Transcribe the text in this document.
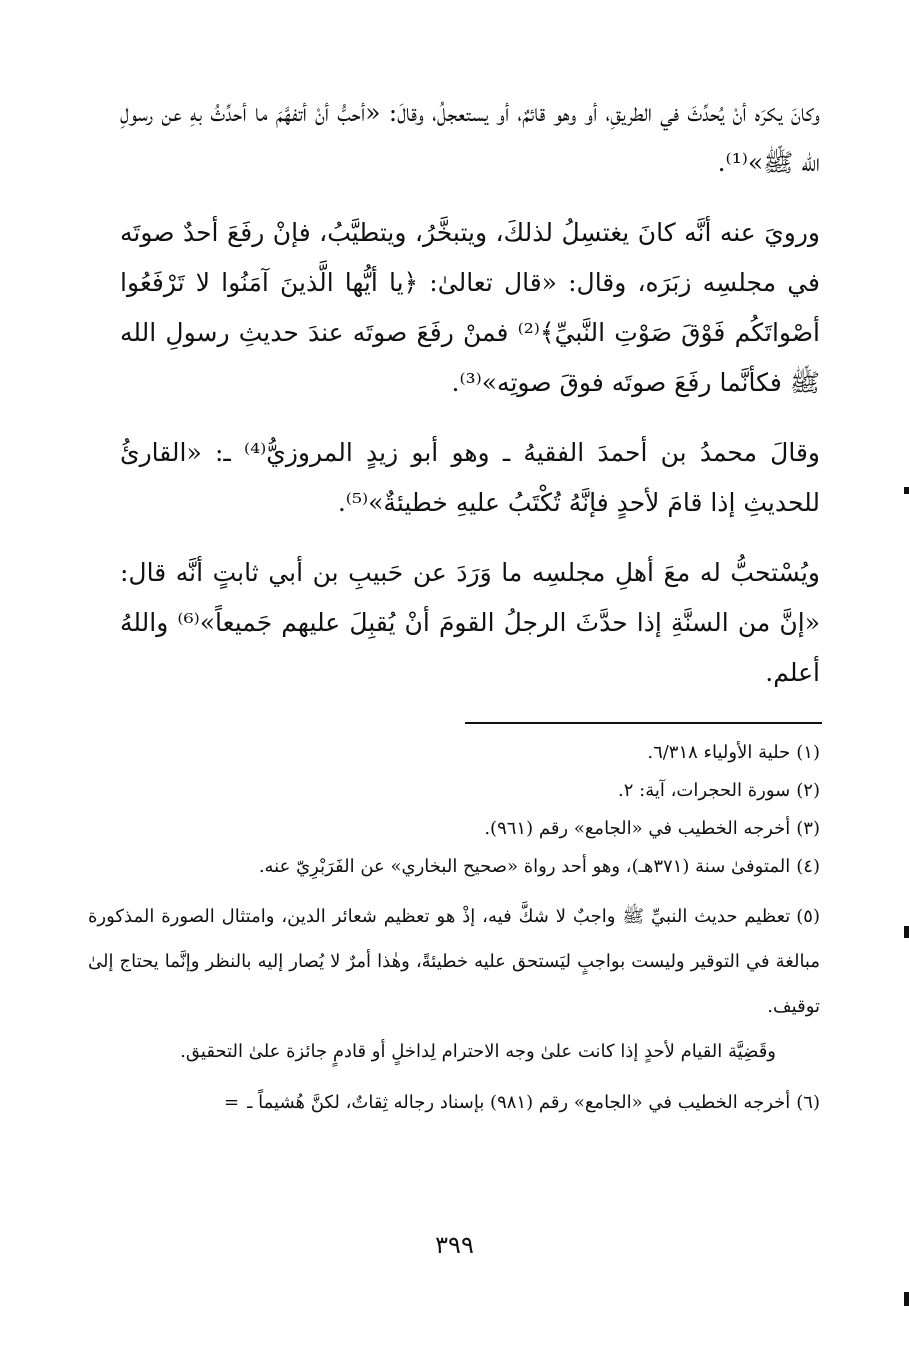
وكانَ يكرَه أنْ يُحدِّثَ في الطريقِ، أو وهو قائمٌ، أو يستعجلُ، وقالَ: «أحبُّ أنْ أتفهَّمَ ما أحدِّثُ بهِ عن رسولِ الله ﷺ»⁽¹⁾.

ورويَ عنه أنَّه كانَ يغتسِلُ لذلكَ، ويتبخَّرُ، ويتطيَّبُ، فإنْ رفَعَ أحدٌ صوتَه في مجلسِه زبَرَه، وقال: «قال تعالىٰ: ﴿يا أيُّها الَّذينَ آمَنُوا لا تَرْفَعُوا أصْواتَكُم فَوْقَ صَوْتِ النَّبيِّ﴾⁽²⁾ فمنْ رفَعَ صوتَه عندَ حديثِ رسولِ الله ﷺ فكأنَّما رفَعَ صوتَه فوقَ صوتِه»⁽³⁾.

وقالَ محمدُ بن أحمدَ الفقيهُ ـ وهو أبو زيدٍ المروزيُّ⁽⁴⁾ ـ: «القارئُ للحديثِ إذا قامَ لأحدٍ فإنَّهُ تُكْتَبُ عليهِ خطيئةٌ»⁽⁵⁾.

ويُسْتحبُّ له معَ أهلِ مجلسِه ما وَرَدَ عن حَبيبِ بن أبي ثابتٍ أنَّه قال: «إنَّ من السنَّةِ إذا حدَّثَ الرجلُ القومَ أنْ يُقبِلَ عليهم جَميعاً»⁽⁶⁾ واللهُ أعلم.

(١)حلية الأولياء ٦/٣١٨.
(٢)سورة الحجرات، آية: ٢.
(٣)أخرجه الخطيب في «الجامع» رقم (٩٦١).
(٤)المتوفىٰ سنة (٣٧١هـ)، وهو أحد رواة «صحيح البخاري» عن الفَرَبْرِيّ عنه.
(٥)تعظيم حديث النبيِّ ﷺ واجبٌ لا شكَّ فيه، إذْ هو تعظيم شعائر الدين، وامتثال الصورة المذكورة مبالغة في التوقير وليست بواجبٍ ليَستحق عليه خطيئةً، وهٰذا أمرٌ لا يُصار إليه بالنظر وإنَّما يحتاج إلىٰ توقيف.
وقَضِيَّة القيام لأحدٍ إذا كانت علىٰ وجه الاحترام لِداخلٍ أو قادمٍ جائزة علىٰ التحقيق.
(٦)أخرجه الخطيب في «الجامع» رقم (٩٨١) بإسناد رجاله ثِقاتٌ، لكنَّ هُشيماً ـ=
٣٩٩
